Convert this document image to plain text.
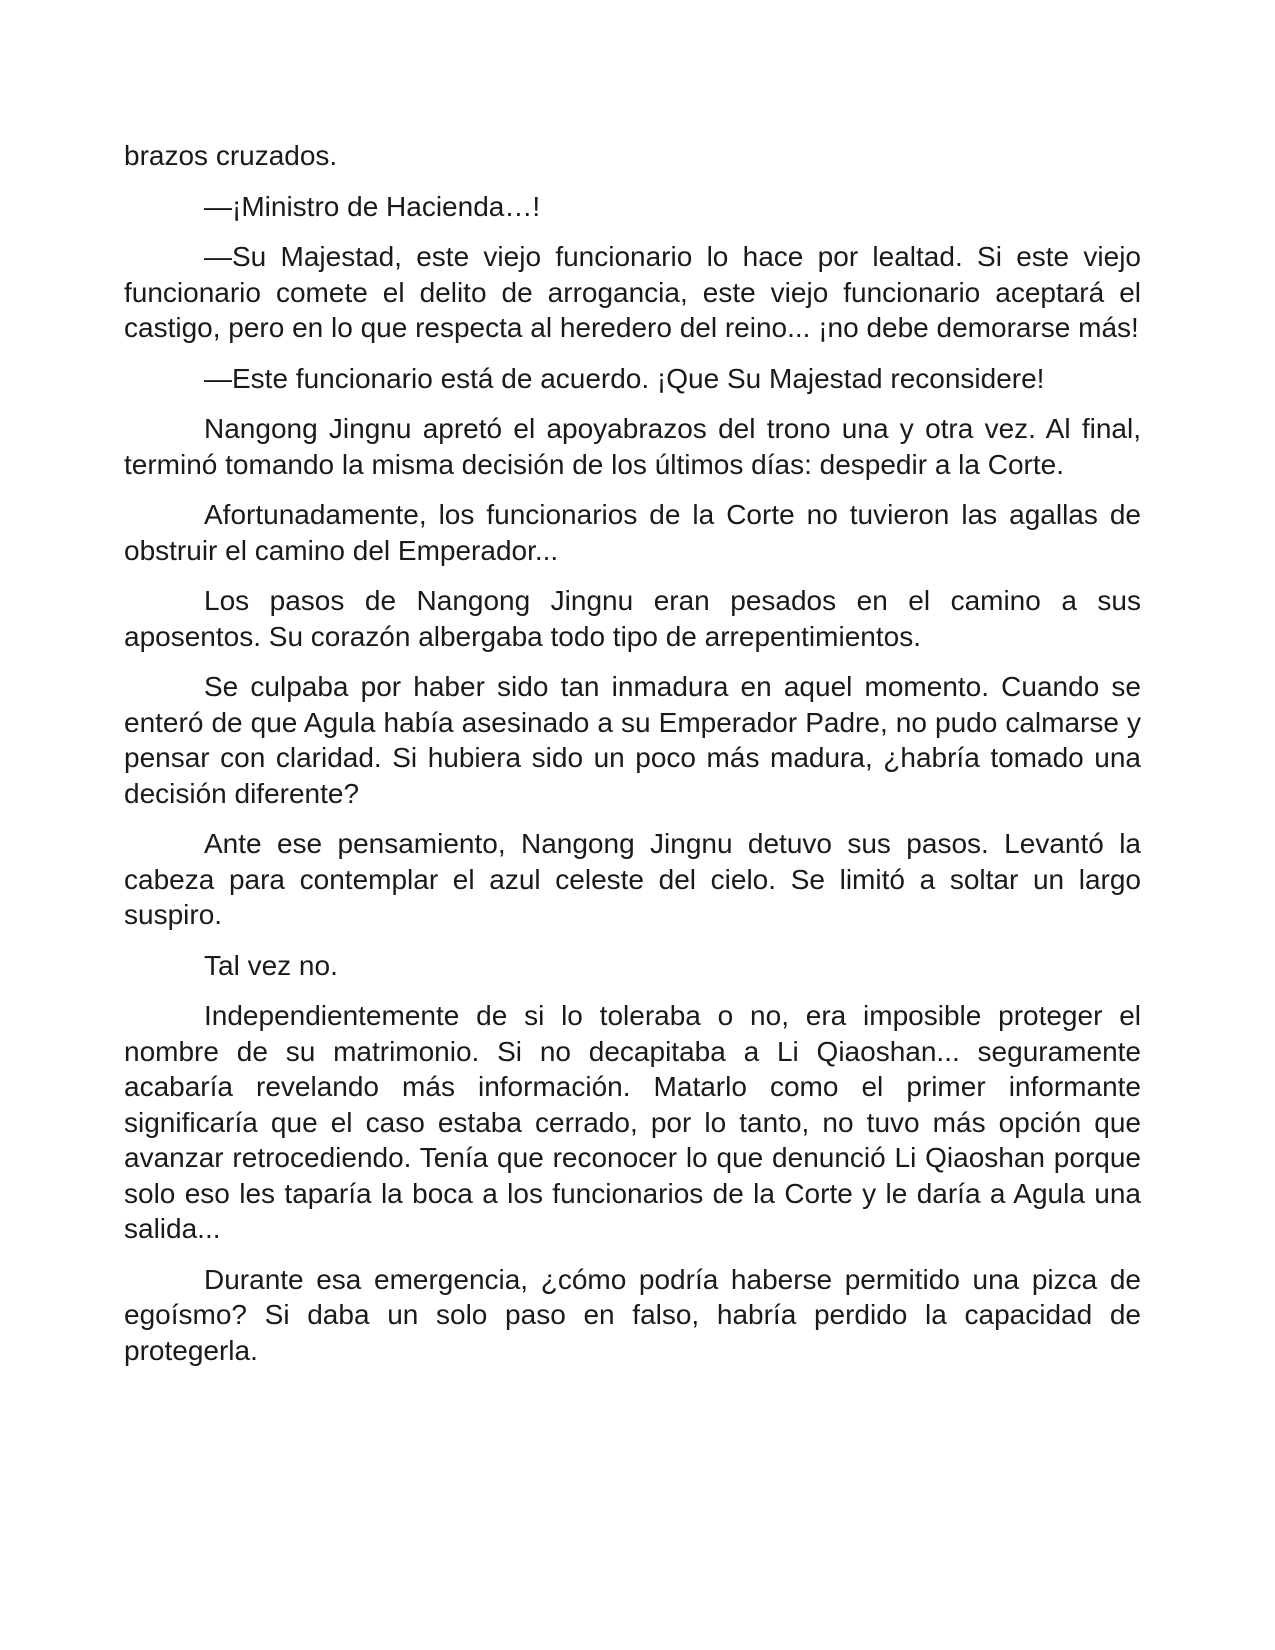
brazos cruzados.

—¡Ministro de Hacienda…!

—Su Majestad, este viejo funcionario lo hace por lealtad. Si este viejo funcionario comete el delito de arrogancia, este viejo funcionario aceptará el castigo, pero en lo que respecta al heredero del reino... ¡no debe demorarse más!

—Este funcionario está de acuerdo. ¡Que Su Majestad reconsidere!

Nangong Jingnu apretó el apoyabrazos del trono una y otra vez. Al final, terminó tomando la misma decisión de los últimos días: despedir a la Corte.

Afortunadamente, los funcionarios de la Corte no tuvieron las agallas de obstruir el camino del Emperador...

Los pasos de Nangong Jingnu eran pesados en el camino a sus aposentos. Su corazón albergaba todo tipo de arrepentimientos.

Se culpaba por haber sido tan inmadura en aquel momento. Cuando se enteró de que Agula había asesinado a su Emperador Padre, no pudo calmarse y pensar con claridad. Si hubiera sido un poco más madura, ¿habría tomado una decisión diferente?

Ante ese pensamiento, Nangong Jingnu detuvo sus pasos. Levantó la cabeza para contemplar el azul celeste del cielo. Se limitó a soltar un largo suspiro.

Tal vez no.

Independientemente de si lo toleraba o no, era imposible proteger el nombre de su matrimonio. Si no decapitaba a Li Qiaoshan... seguramente acabaría revelando más información. Matarlo como el primer informante significaría que el caso estaba cerrado, por lo tanto, no tuvo más opción que avanzar retrocediendo. Tenía que reconocer lo que denunció Li Qiaoshan porque solo eso les taparía la boca a los funcionarios de la Corte y le daría a Agula una salida...

Durante esa emergencia, ¿cómo podría haberse permitido una pizca de egoísmo? Si daba un solo paso en falso, habría perdido la capacidad de protegerla.
